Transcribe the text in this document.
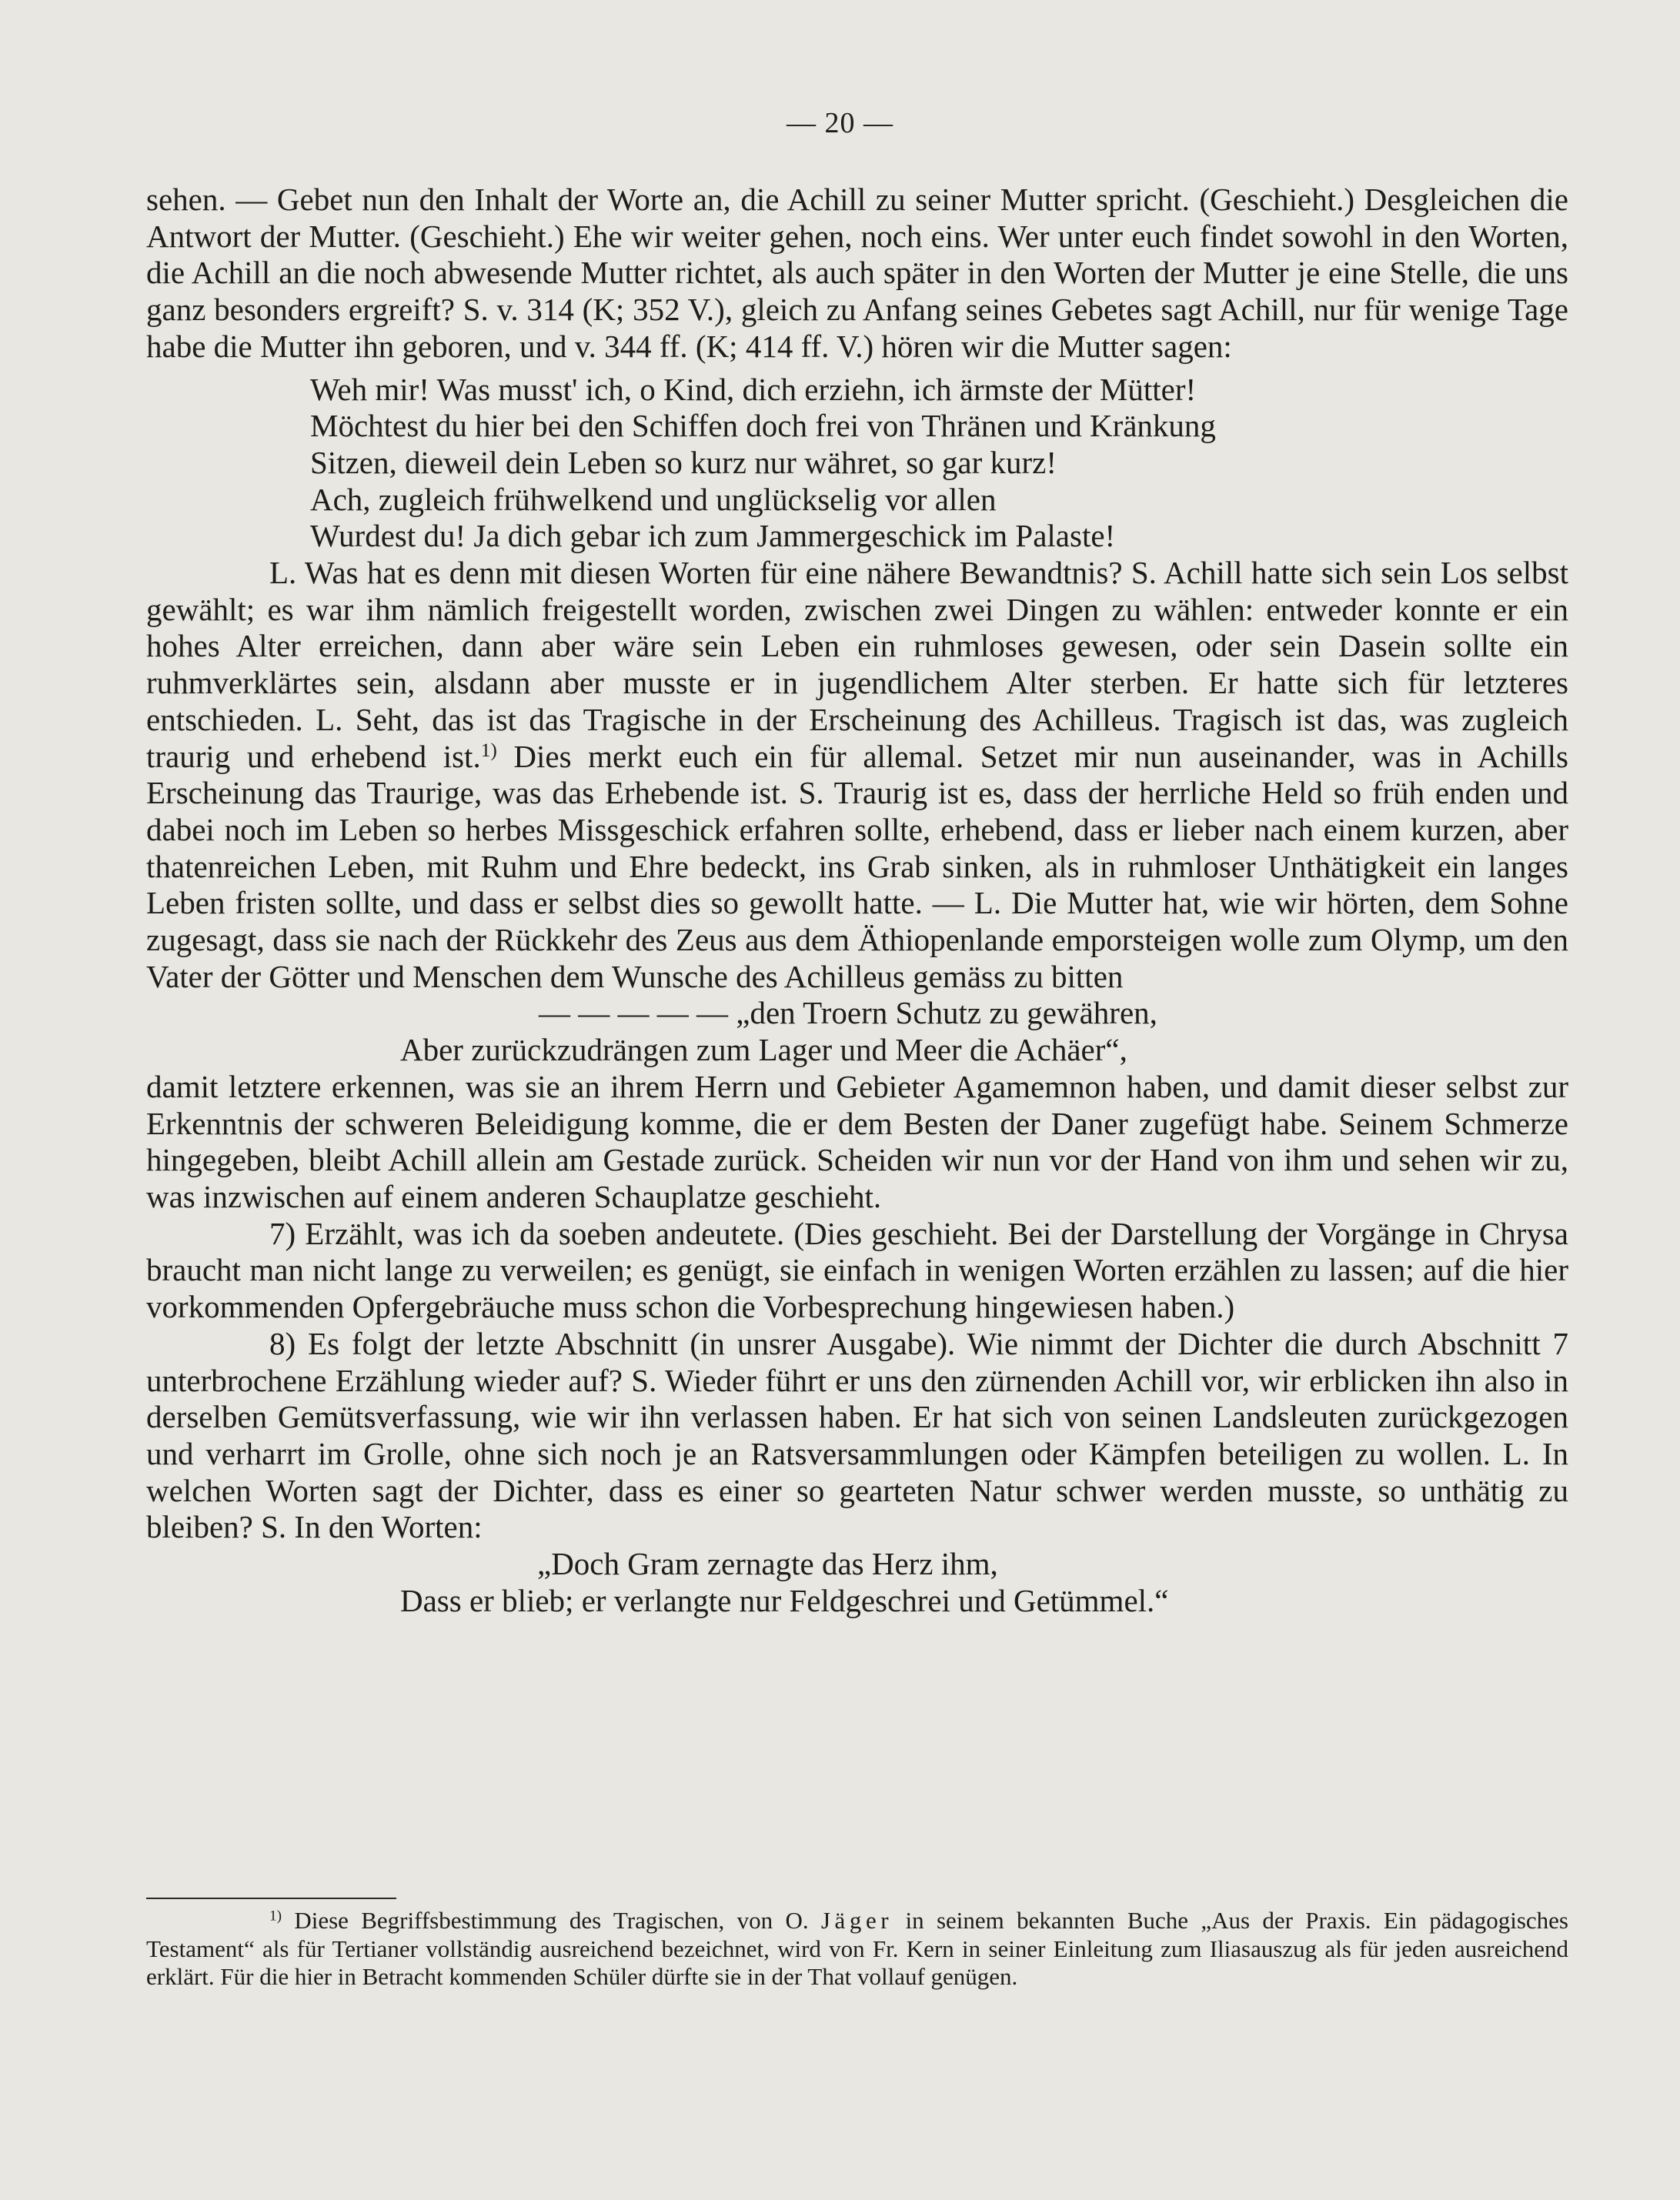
— 20 —

sehen. — Gebet nun den Inhalt der Worte an, die Achill zu seiner Mutter spricht. (Geschieht.) Desgleichen die Antwort der Mutter. (Geschieht.) Ehe wir weiter gehen, noch eins. Wer unter euch findet sowohl in den Worten, die Achill an die noch abwesende Mutter richtet, als auch später in den Worten der Mutter je eine Stelle, die uns ganz besonders ergreift? S. v. 314 (K; 352 V.), gleich zu Anfang seines Gebetes sagt Achill, nur für wenige Tage habe die Mutter ihn geboren, und v. 344 ff. (K; 414 ff. V.) hören wir die Mutter sagen:

Weh mir! Was musst' ich, o Kind, dich erziehn, ich ärmste der Mütter!
Möchtest du hier bei den Schiffen doch frei von Thränen und Kränkung
Sitzen, dieweil dein Leben so kurz nur währet, so gar kurz!
Ach, zugleich frühwelkend und unglückselig vor allen
Wurdest du! Ja dich gebar ich zum Jammergeschick im Palaste!

L. Was hat es denn mit diesen Worten für eine nähere Bewandtnis? S. Achill hatte sich sein Los selbst gewählt; es war ihm nämlich freigestellt worden, zwischen zwei Dingen zu wählen: entweder konnte er ein hohes Alter erreichen, dann aber wäre sein Leben ein ruhmloses gewesen, oder sein Dasein sollte ein ruhmverklärtes sein, alsdann aber musste er in jugendlichem Alter sterben. Er hatte sich für letzteres entschieden. L. Seht, das ist das Tragische in der Erscheinung des Achilleus. Tragisch ist das, was zugleich traurig und erhebend ist.$^{1)}$ Dies merkt euch ein für allemal. Setzet mir nun auseinander, was in Achills Erscheinung das Traurige, was das Erhebende ist. S. Traurig ist es, dass der herrliche Held so früh enden und dabei noch im Leben so herbes Missgeschick erfahren sollte, erhebend, dass er lieber nach einem kurzen, aber thatenreichen Leben, mit Ruhm und Ehre bedeckt, ins Grab sinken, als in ruhmloser Unthätigkeit ein langes Leben fristen sollte, und dass er selbst dies so gewollt hatte. — L. Die Mutter hat, wie wir hörten, dem Sohne zugesagt, dass sie nach der Rückkehr des Zeus aus dem Äthiopenlande emporsteigen wolle zum Olymp, um den Vater der Götter und Menschen dem Wunsche des Achilleus gemäss zu bitten

— — — — — „den Troern Schutz zu gewähren,
Aber zurückzudrängen zum Lager und Meer die Achäer“,

damit letztere erkennen, was sie an ihrem Herrn und Gebieter Agamemnon haben, und damit dieser selbst zur Erkenntnis der schweren Beleidigung komme, die er dem Besten der Daner zugefügt habe. Seinem Schmerze hingegeben, bleibt Achill allein am Gestade zurück. Scheiden wir nun vor der Hand von ihm und sehen wir zu, was inzwischen auf einem anderen Schauplatze geschieht.

7) Erzählt, was ich da soeben andeutete. (Dies geschieht. Bei der Darstellung der Vorgänge in Chrysa braucht man nicht lange zu verweilen; es genügt, sie einfach in wenigen Worten erzählen zu lassen; auf die hier vorkommenden Opfergebräuche muss schon die Vorbesprechung hingewiesen haben.)

8) Es folgt der letzte Abschnitt (in unsrer Ausgabe). Wie nimmt der Dichter die durch Abschnitt 7 unterbrochene Erzählung wieder auf? S. Wieder führt er uns den zürnenden Achill vor, wir erblicken ihn also in derselben Gemütsverfassung, wie wir ihn verlassen haben. Er hat sich von seinen Landsleuten zurückgezogen und verharrt im Grolle, ohne sich noch je an Ratsversammlungen oder Kämpfen beteiligen zu wollen. L. In welchen Worten sagt der Dichter, dass es einer so gearteten Natur schwer werden musste, so unthätig zu bleiben? S. In den Worten:

„Doch Gram zernagte das Herz ihm,
Dass er blieb; er verlangte nur Feldgeschrei und Getümmel.“

$^{1)}$ Diese Begriffsbestimmung des Tragischen, von O. Jäger in seinem bekannten Buche „Aus der Praxis. Ein pädagogisches Testament“ als für Tertianer vollständig ausreichend bezeichnet, wird von Fr. Kern in seiner Einleitung zum Iliasauszug als für jeden ausreichend erklärt. Für die hier in Betracht kommenden Schüler dürfte sie in der That vollauf genügen.
